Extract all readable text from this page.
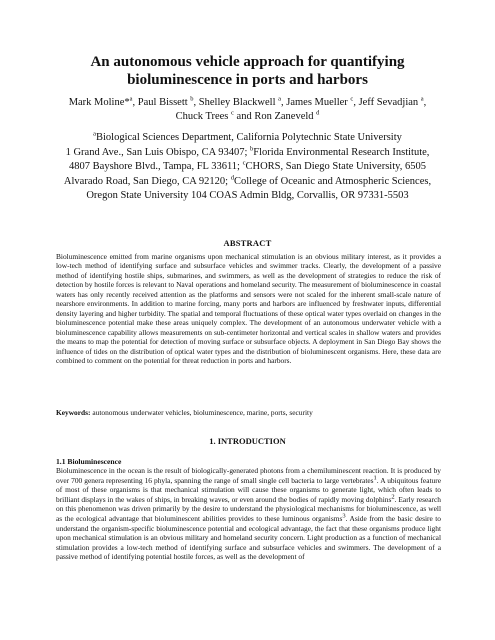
An autonomous vehicle approach for quantifying
bioluminescence in ports and harbors
Mark Moline*$^a$, Paul Bissett $^b$, Shelley Blackwell $^a$, James Mueller $^c$, Jeff Sevadjian $^a$,
Chuck Trees $^c$ and Ron Zaneveld $^d$
$^a$Biological Sciences Department, California Polytechnic State University
1 Grand Ave., San Luis Obispo, CA 93407; $^b$Florida Environmental Research Institute,
4807 Bayshore Blvd., Tampa, FL 33611; $^c$CHORS, San Diego State University, 6505
Alvarado Road, San Diego, CA 92120; $^d$College of Oceanic and Atmospheric Sciences,
Oregon State University 104 COAS Admin Bldg, Corvallis, OR 97331-5503
ABSTRACT
Bioluminescence emitted from marine organisms upon mechanical stimulation is an obvious military interest, as it provides a low-tech method of identifying surface and subsurface vehicles and swimmer tracks. Clearly, the development of a passive method of identifying hostile ships, submarines, and swimmers, as well as the development of strategies to reduce the risk of detection by hostile forces is relevant to Naval operations and homeland security. The measurement of bioluminescence in coastal waters has only recently received attention as the platforms and sensors were not scaled for the inherent small-scale nature of nearshore environments. In addition to marine forcing, many ports and harbors are influenced by freshwater inputs, differential density layering and higher turbidity. The spatial and temporal fluctuations of these optical water types overlaid on changes in the bioluminescence potential make these areas uniquely complex. The development of an autonomous underwater vehicle with a bioluminescence capability allows measurements on sub-centimeter horizontal and vertical scales in shallow waters and provides the means to map the potential for detection of moving surface or subsurface objects. A deployment in San Diego Bay shows the influence of tides on the distribution of optical water types and the distribution of bioluminescent organisms. Here, these data are combined to comment on the potential for threat reduction in ports and harbors.
Keywords: autonomous underwater vehicles, bioluminescence, marine, ports, security
1. INTRODUCTION
1.1 Bioluminescence
Bioluminescence in the ocean is the result of biologically-generated photons from a chemiluminescent reaction. It is produced by over 700 genera representing 16 phyla, spanning the range of small single cell bacteria to large vertebrates1. A ubiquitous feature of most of these organisms is that mechanical stimulation will cause these organisms to generate light, which often leads to brilliant displays in the wakes of ships, in breaking waves, or even around the bodies of rapidly moving dolphins2. Early research on this phenomenon was driven primarily by the desire to understand the physiological mechanisms for bioluminescence, as well as the ecological advantage that bioluminescent abilities provides to these luminous organisms3. Aside from the basic desire to understand the organism-specific bioluminescence potential and ecological advantage, the fact that these organisms produce light upon mechanical stimulation is an obvious military and homeland security concern. Light production as a function of mechanical stimulation provides a low-tech method of identifying surface and subsurface vehicles and swimmers. The development of a passive method of identifying potential hostile forces, as well as the development of
